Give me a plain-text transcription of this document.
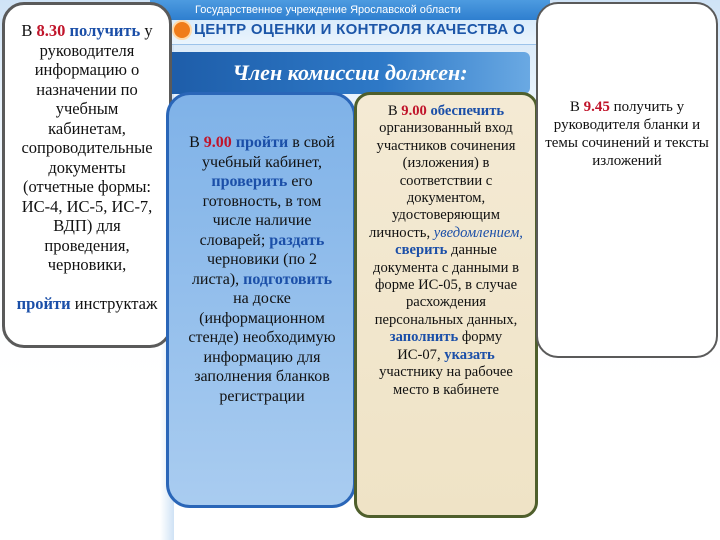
Государственное учреждение Ярославской области
ЦЕНТР ОЦЕНКИ И КОНТРОЛЯ КАЧЕСТВА О
Член комиссии должен:
В 8.30 получить у руководителя информацию о назначении по учебным кабинетам, сопроводительные документы (отчетные формы: ИС-4, ИС-5, ИС-7, ВДП) для проведения, черновики,

пройти инструктаж
В 9.00 пройти в свой учебный кабинет, проверить его готовность, в том числе наличие словарей; раздать черновики (по 2 листа), подготовить на доске (информационном стенде) необходимую информацию для заполнения бланков регистрации
В 9.00 обеспечить организованный вход участников сочинения (изложения) в соответствии с документом, удостоверяющим личность, уведомлением, сверить данные документа с данными в форме ИС-05, в случае расхождения персональных данных, заполнить форму ИС-07, указать участнику на рабочее место в кабинете
В 9.45 получить у руководителя бланки и темы сочинений и тексты изложений
